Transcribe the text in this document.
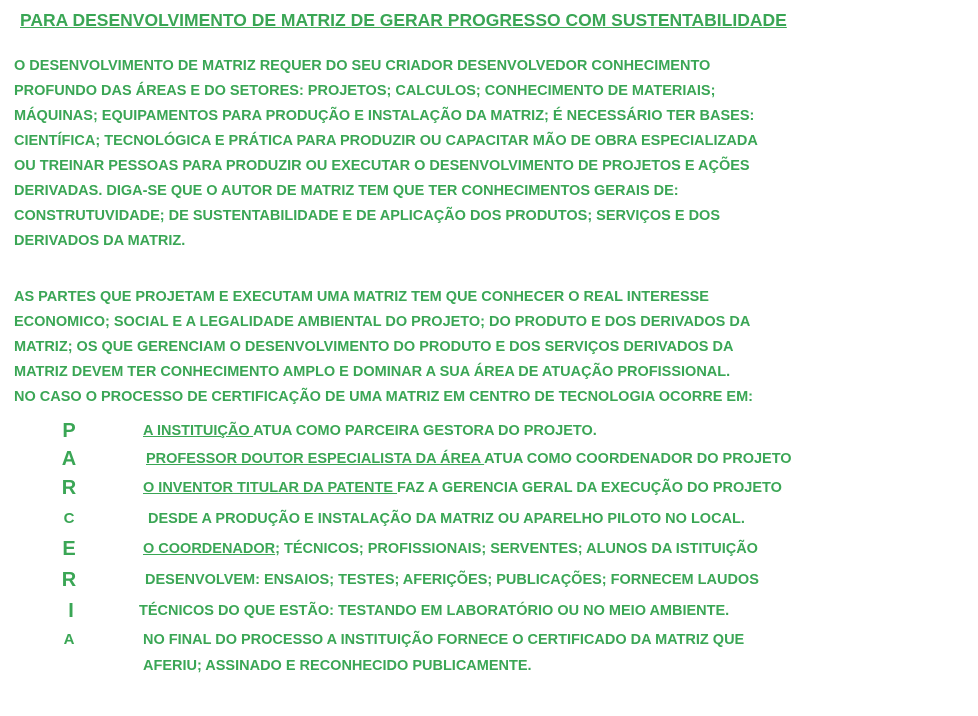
PARA DESENVOLVIMENTO DE MATRIZ DE GERAR PROGRESSO COM SUSTENTABILIDADE
O DESENVOLVIMENTO DE MATRIZ REQUER DO SEU CRIADOR DESENVOLVEDOR CONHECIMENTO
PROFUNDO DAS ÁREAS E DO SETORES: PROJETOS; CALCULOS; CONHECIMENTO DE MATERIAIS;
MÁQUINAS; EQUIPAMENTOS PARA PRODUÇÃO E INSTALAÇÃO DA MATRIZ; É NECESSÁRIO TER BASES:
CIENTÍFICA; TECNOLÓGICA E PRÁTICA PARA PRODUZIR OU CAPACITAR MÃO DE OBRA ESPECIALIZADA
OU TREINAR PESSOAS PARA PRODUZIR OU EXECUTAR O DESENVOLVIMENTO DE PROJETOS E AÇÕES
DERIVADAS. DIGA-SE QUE O AUTOR DE MATRIZ TEM QUE TER CONHECIMENTOS GERAIS DE:
CONSTRUTUVIDADE; DE SUSTENTABILIDADE E DE APLICAÇÃO DOS PRODUTOS; SERVIÇOS E DOS
DERIVADOS DA MATRIZ.
AS PARTES QUE PROJETAM E EXECUTAM UMA MATRIZ TEM QUE CONHECER O REAL INTERESSE
ECONOMICO; SOCIAL E A LEGALIDADE AMBIENTAL DO PROJETO; DO PRODUTO E DOS DERIVADOS DA
MATRIZ; OS QUE GERENCIAM O DESENVOLVIMENTO DO PRODUTO E DOS SERVIÇOS DERIVADOS DA
MATRIZ DEVEM TER CONHECIMENTO AMPLO E DOMINAR A SUA ÁREA DE ATUAÇÃO PROFISSIONAL.
NO CASO O PROCESSO DE CERTIFICAÇÃO DE UMA MATRIZ EM CENTRO DE TECNOLOGIA OCORRE EM:
P	A INSTITUIÇÃO ATUA COMO PARCEIRA GESTORA DO PROJETO.
A	PROFESSOR DOUTOR ESPECIALISTA DA ÁREA ATUA COMO COORDENADOR DO PROJETO
R	O INVENTOR TITULAR DA PATENTE FAZ A GERENCIA GERAL DA EXECUÇÃO DO PROJETO
C	DESDE A PRODUÇÃO E INSTALAÇÃO DA MATRIZ OU APARELHO PILOTO NO LOCAL.
E	O COORDENADOR; TÉCNICOS; PROFISSIONAIS; SERVENTES; ALUNOS DA ISTITUIÇÃO
R	DESENVOLVEM: ENSAIOS; TESTES; AFERIÇÕES; PUBLICAÇÕES; FORNECEM LAUDOS
I	TÉCNICOS DO QUE ESTÃO: TESTANDO EM LABORATÓRIO OU NO MEIO AMBIENTE.
A	NO FINAL DO PROCESSO A INSTITUIÇÃO FORNECE O CERTIFICADO DA MATRIZ QUE
AFERIU; ASSINADO E RECONHECIDO PUBLICAMENTE.
